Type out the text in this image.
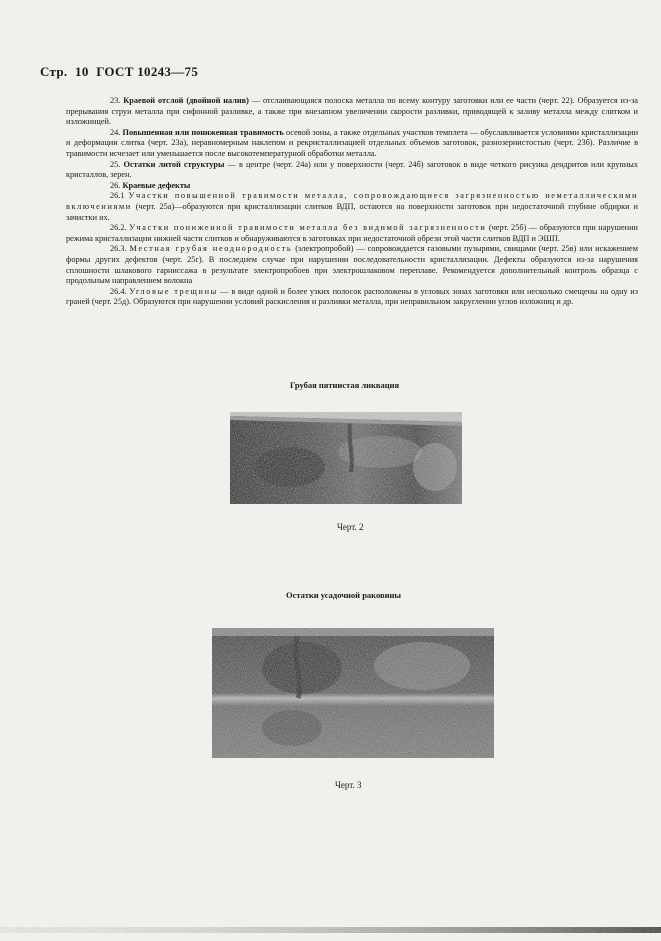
Стр. 10 ГОСТ 10243—75

23. Краевой отслой (двойной налив) — отслаивающаяся полоска металла по всему контуру заготовки или ее части (черт. 22). Образуется из-за прерывания струи металла при сифонной разливке, а также при внезапном увеличении скорости разливки, приводящей к заливу металла между слитком и изложницей.

24. Повышенная или пониженная травимость осевой зоны, а также отдельных участков темплета — обуславливается условиями кристаллизации и деформации слитка (черт. 23а), неравномерным наклепом и рекристаллизацией отдельных объемов заготовок, разнозернистостью (черт. 23б). Различие в травимости исчезает или уменьшается после высокотемпературной обработки металла.

25. Остатки литой структуры — в центре (черт. 24а) или у поверхности (черт. 24б) заготовок в виде четкого рисунка дендритов или крупных кристаллов, зерен.

26. Краевые дефекты

26.1 Участки повышенной травимости металла, сопровождающиеся загрязненностью неметаллическими включениями (черт. 25а)—образуются при кристаллизации слитков ВДП, остаются на поверхности заготовок при недостаточной глубине обдирки и зачистки их.

26.2. Участки пониженной травимости металла без видимой загрязненности (черт. 25б) — образуются при нарушении режима кристаллизации нижней части слитков и обнаруживаются в заготовках при недостаточной обрези этой части слитков ВДП и ЭШП.

26.3. Местная грубая неоднородность (электропробой) — сопровождается газовыми пузырями, свищами (черт. 25в) или искажением формы других дефектов (черт. 25г). В последнем случае при нарушении последовательности кристаллизации. Дефекты образуются из-за нарушения сплошности шлакового гарниссажа в результате электропробоев при электрошлаковом переплаве. Рекомендуется дополнительный контроль образца с продольным направлением волокна

26.4. Угловые трещины — в виде одной и более узких полосок расположены в угловых зонах заготовки или несколько смещены на одну из граней (черт. 25д). Образуются при нарушении условий раскисления и разливки металла, при неправильном закруглении углов изложниц и др.

Грубая пятнистая ликвация
Черт. 2
Остатки усадочной раковины
Черт. 3
